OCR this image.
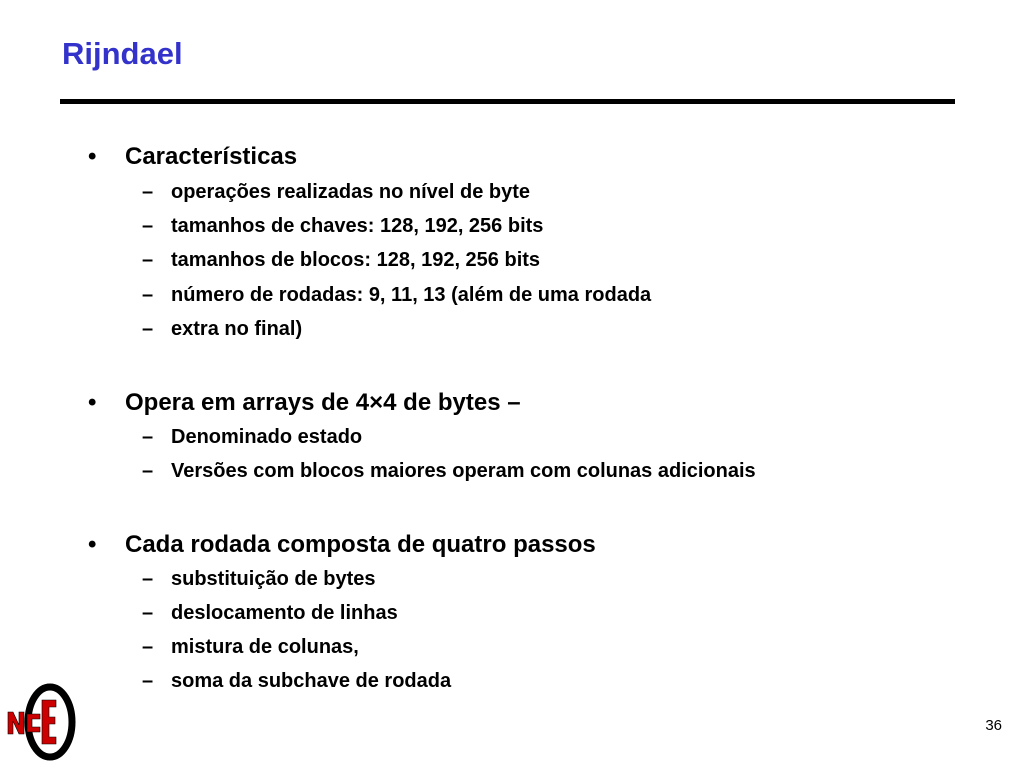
Rijndael
• Características
– operações realizadas no nível de byte
– tamanhos de chaves: 128, 192, 256 bits
– tamanhos de blocos: 128, 192, 256 bits
– número de rodadas: 9, 11, 13 (além de uma rodada
– extra no final)
• Opera em arrays de 4×4 de bytes –
– Denominado estado
– Versões com blocos maiores operam com colunas adicionais
• Cada rodada composta de quatro passos
– substituição de bytes
– deslocamento de linhas
– mistura de colunas,
– soma da subchave de rodada
36
